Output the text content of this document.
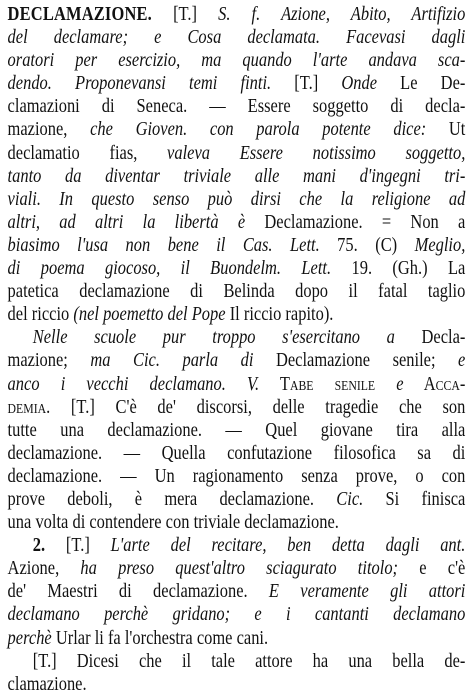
DECLAMAZIONE. [T.] S. f. Azione, Abito, Artifizio
del declamare; e Cosa declamata. Facevasi dagli
oratori per esercizio, ma quando l'arte andava sca-
dendo. Proponevansi temi finti. [T.] Onde Le De-
clamazioni di Seneca. — Essere soggetto di decla-
mazione, che Gioven. con parola potente dice: Ut
declamatio fias, valeva Essere notissimo soggetto,
tanto da diventar triviale alle mani d'ingegni tri-
viali. In questo senso può dirsi che la religione ad
altri, ad altri la libertà è Declamazione. = Non a
biasimo l'usa non bene il Cas. Lett. 75. (C) Meglio,
di poema giocoso, il Buondelm. Lett. 19. (Gh.) La
patetica declamazione di Belinda dopo il fatal taglio
del riccio (nel poemetto del Pope Il riccio rapito).
Nelle scuole pur troppo s'esercitano a Decla-
mazione; ma Cic. parla di Declamazione senile; e
anco i vecchi declamano. V. Tabe senile e Acca-
demia. [T.] C'è de' discorsi, delle tragedie che son
tutte una declamazione. — Quel giovane tira alla
declamazione. — Quella confutazione filosofica sa di
declamazione. — Un ragionamento senza prove, o con
prove deboli, è mera declamazione. Cic. Si finisca
una volta di contendere con triviale declamazione.
2. [T.] L'arte del recitare, ben detta dagli ant.
Azione, ha preso quest'altro sciagurato titolo; e c'è
de' Maestri di declamazione. E veramente gli attori
declamano perchè gridano; e i cantanti declamano
perchè Urlar li fa l'orchestra come cani.
[T.] Dicesi che il tale attore ha una bella de-
clamazione.
